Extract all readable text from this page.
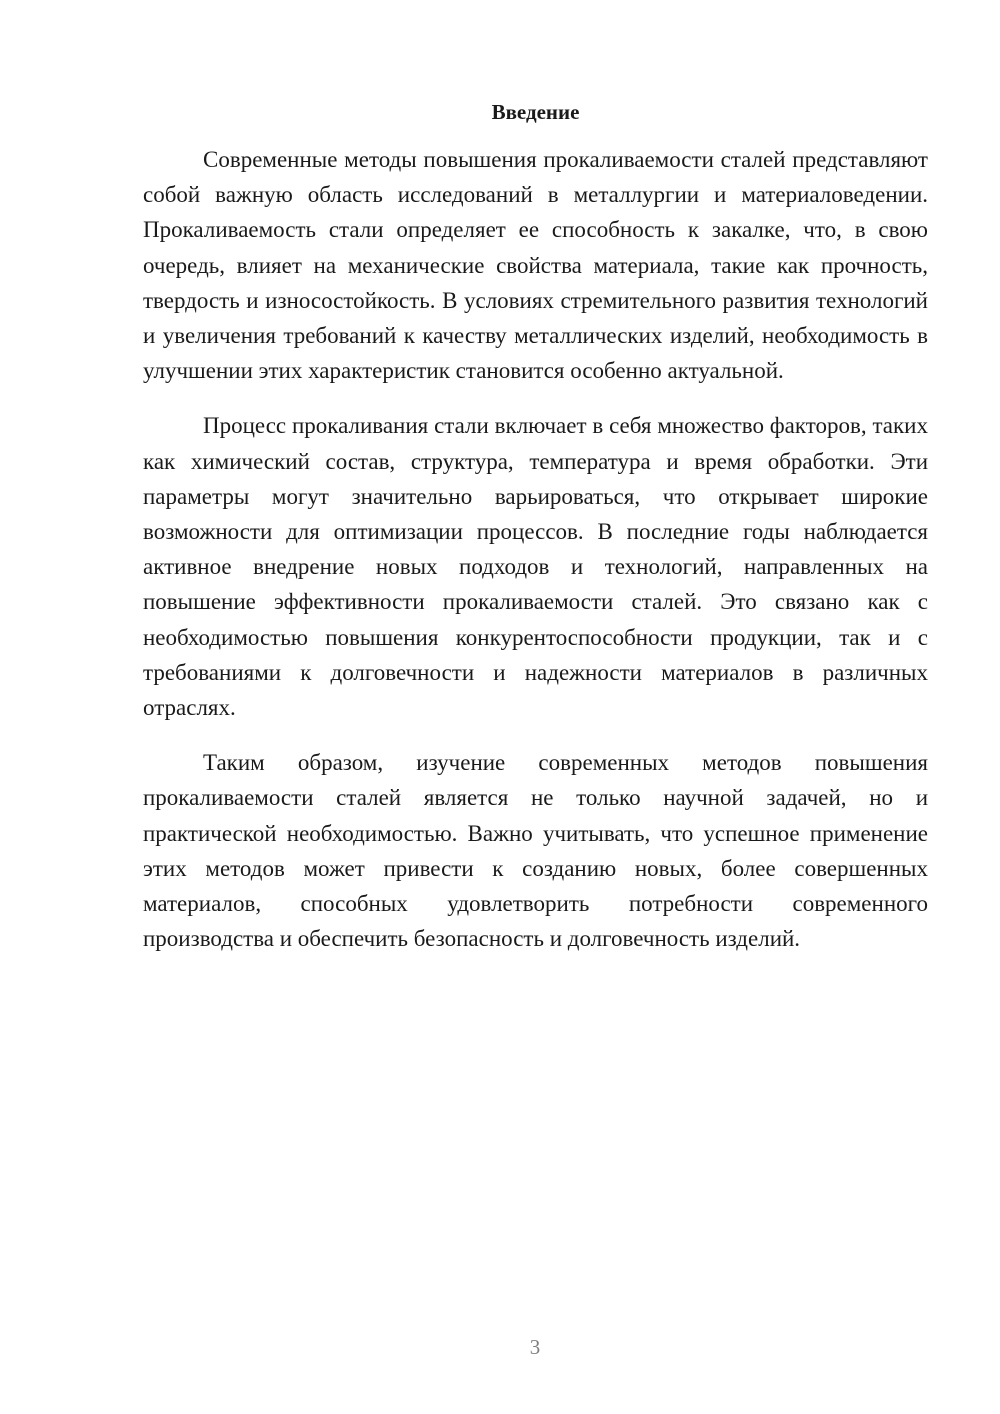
Введение

Современные методы повышения прокаливаемости сталей представляют собой важную область исследований в металлургии и материаловедении. Прокаливаемость стали определяет ее способность к закалке, что, в свою очередь, влияет на механические свойства материала, такие как прочность, твердость и износостойкость. В условиях стремительного развития технологий и увеличения требований к качеству металлических изделий, необходимость в улучшении этих характеристик становится особенно актуальной.

Процесс прокаливания стали включает в себя множество факторов, таких как химический состав, структура, температура и время обработки. Эти параметры могут значительно варьироваться, что открывает широкие возможности для оптимизации процессов. В последние годы наблюдается активное внедрение новых подходов и технологий, направленных на повышение эффективности прокаливаемости сталей. Это связано как с необходимостью повышения конкурентоспособности продукции, так и с требованиями к долговечности и надежности материалов в различных отраслях.

Таким образом, изучение современных методов повышения прокаливаемости сталей является не только научной задачей, но и практической необходимостью. Важно учитывать, что успешное применение этих методов может привести к созданию новых, более совершенных материалов, способных удовлетворить потребности современного производства и обеспечить безопасность и долговечность изделий.

3
